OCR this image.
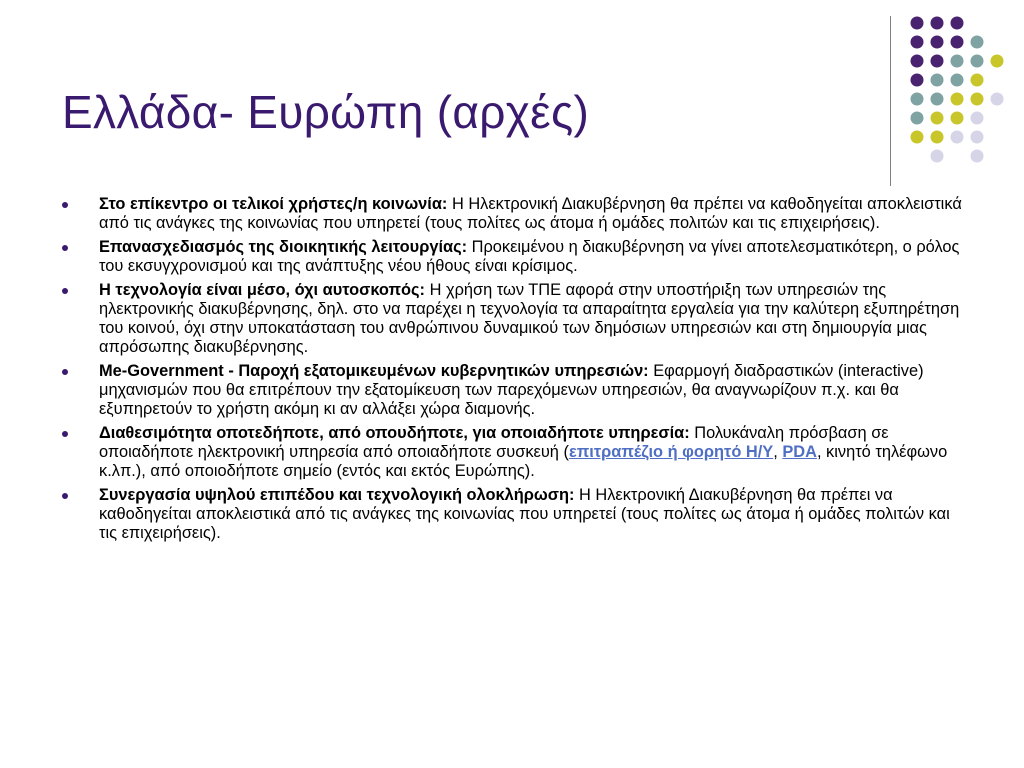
Ελλάδα- Ευρώπη (αρχές)
Στο επίκεντρο οι τελικοί χρήστες/η κοινωνία: Η Ηλεκτρονική Διακυβέρνηση θα πρέπει να καθοδηγείται αποκλειστικά από τις ανάγκες της κοινωνίας που υπηρετεί (τους πολίτες ως άτομα ή ομάδες πολιτών και τις επιχειρήσεις).
Επανασχεδιασμός της διοικητικής λειτουργίας: Προκειμένου η διακυβέρνηση να γίνει αποτελεσματικότερη, ο ρόλος του εκσυγχρονισμού και της ανάπτυξης νέου ήθους είναι κρίσιμος.
Η τεχνολογία είναι μέσο, όχι αυτοσκοπός: Η χρήση των ΤΠΕ αφορά στην υποστήριξη των υπηρεσιών της ηλεκτρονικής διακυβέρνησης, δηλ. στο να παρέχει η τεχνολογία τα απαραίτητα εργαλεία για την καλύτερη εξυπηρέτηση του κοινού, όχι στην υποκατάσταση του ανθρώπινου δυναμικού των δημόσιων υπηρεσιών και στη δημιουργία μιας απρόσωπης διακυβέρνησης.
Me-Government - Παροχή εξατομικευμένων κυβερνητικών υπηρεσιών: Εφαρμογή διαδραστικών (interactive) μηχανισμών που θα επιτρέπουν την εξατομίκευση των παρεχόμενων υπηρεσιών, θα αναγνωρίζουν π.χ. και θα εξυπηρετούν το χρήστη ακόμη κι αν αλλάξει χώρα διαμονής.
Διαθεσιμότητα οποτεδήποτε, από οπουδήποτε, για οποιαδήποτε υπηρεσία: Πολυκάναλη πρόσβαση σε οποιαδήποτε ηλεκτρονική υπηρεσία από οποιαδήποτε συσκευή (επιτραπέζιο ή φορητό Η/Υ, PDA, κινητό τηλέφωνο κ.λπ.), από οποιοδήποτε σημείο (εντός και εκτός Ευρώπης).
Συνεργασία υψηλού επιπέδου και τεχνολογική ολοκλήρωση: Η Ηλεκτρονική Διακυβέρνηση θα πρέπει να καθοδηγείται αποκλειστικά από τις ανάγκες της κοινωνίας που υπηρετεί (τους πολίτες ως άτομα ή ομάδες πολιτών και τις επιχειρήσεις).
